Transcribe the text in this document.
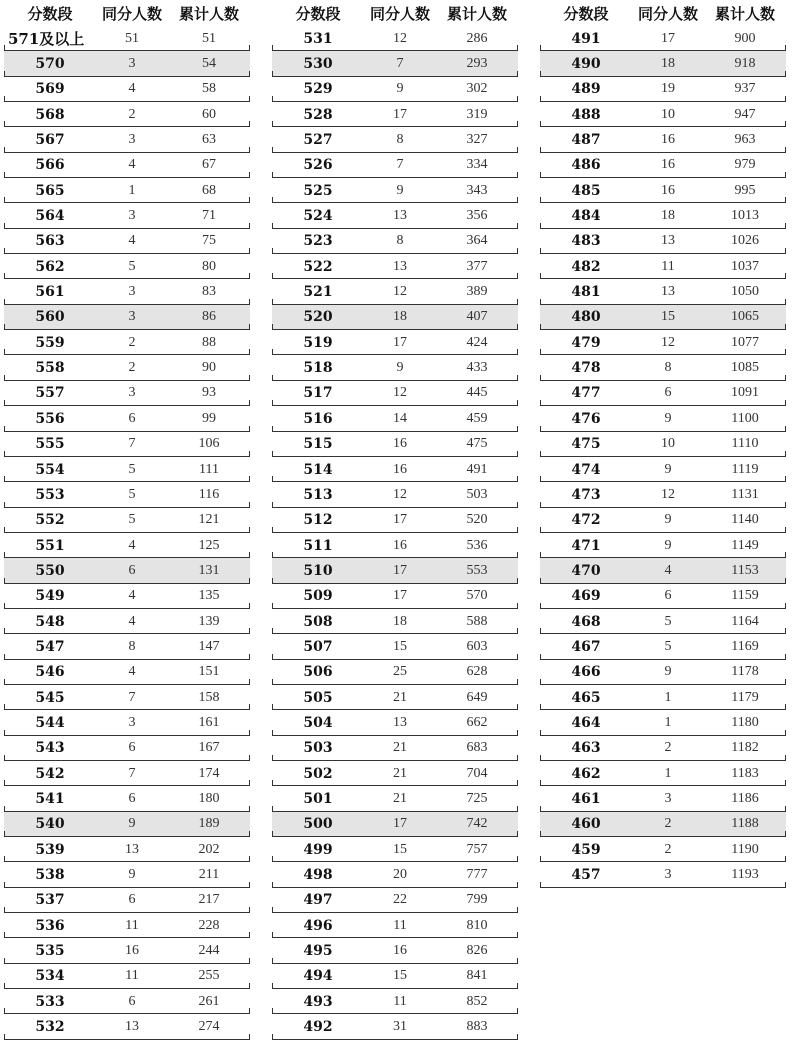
分数段	同分人数	累计人数
571及以上	51	51
570	3	54
569	4	58
568	2	60
567	3	63
566	4	67
565	1	68
564	3	71
563	4	75
562	5	80
561	3	83
560	3	86
559	2	88
558	2	90
557	3	93
556	6	99
555	7	106
554	5	111
553	5	116
552	5	121
551	4	125
550	6	131
549	4	135
548	4	139
547	8	147
546	4	151
545	7	158
544	3	161
543	6	167
542	7	174
541	6	180
540	9	189
539	13	202
538	9	211
537	6	217
536	11	228
535	16	244
534	11	255
533	6	261
532	13	274
分数段	同分人数	累计人数
531	12	286
530	7	293
529	9	302
528	17	319
527	8	327
526	7	334
525	9	343
524	13	356
523	8	364
522	13	377
521	12	389
520	18	407
519	17	424
518	9	433
517	12	445
516	14	459
515	16	475
514	16	491
513	12	503
512	17	520
511	16	536
510	17	553
509	17	570
508	18	588
507	15	603
506	25	628
505	21	649
504	13	662
503	21	683
502	21	704
501	21	725
500	17	742
499	15	757
498	20	777
497	22	799
496	11	810
495	16	826
494	15	841
493	11	852
492	31	883
分数段	同分人数	累计人数
491	17	900
490	18	918
489	19	937
488	10	947
487	16	963
486	16	979
485	16	995
484	18	1013
483	13	1026
482	11	1037
481	13	1050
480	15	1065
479	12	1077
478	8	1085
477	6	1091
476	9	1100
475	10	1110
474	9	1119
473	12	1131
472	9	1140
471	9	1149
470	4	1153
469	6	1159
468	5	1164
467	5	1169
466	9	1178
465	1	1179
464	1	1180
463	2	1182
462	1	1183
461	3	1186
460	2	1188
459	2	1190
457	3	1193
